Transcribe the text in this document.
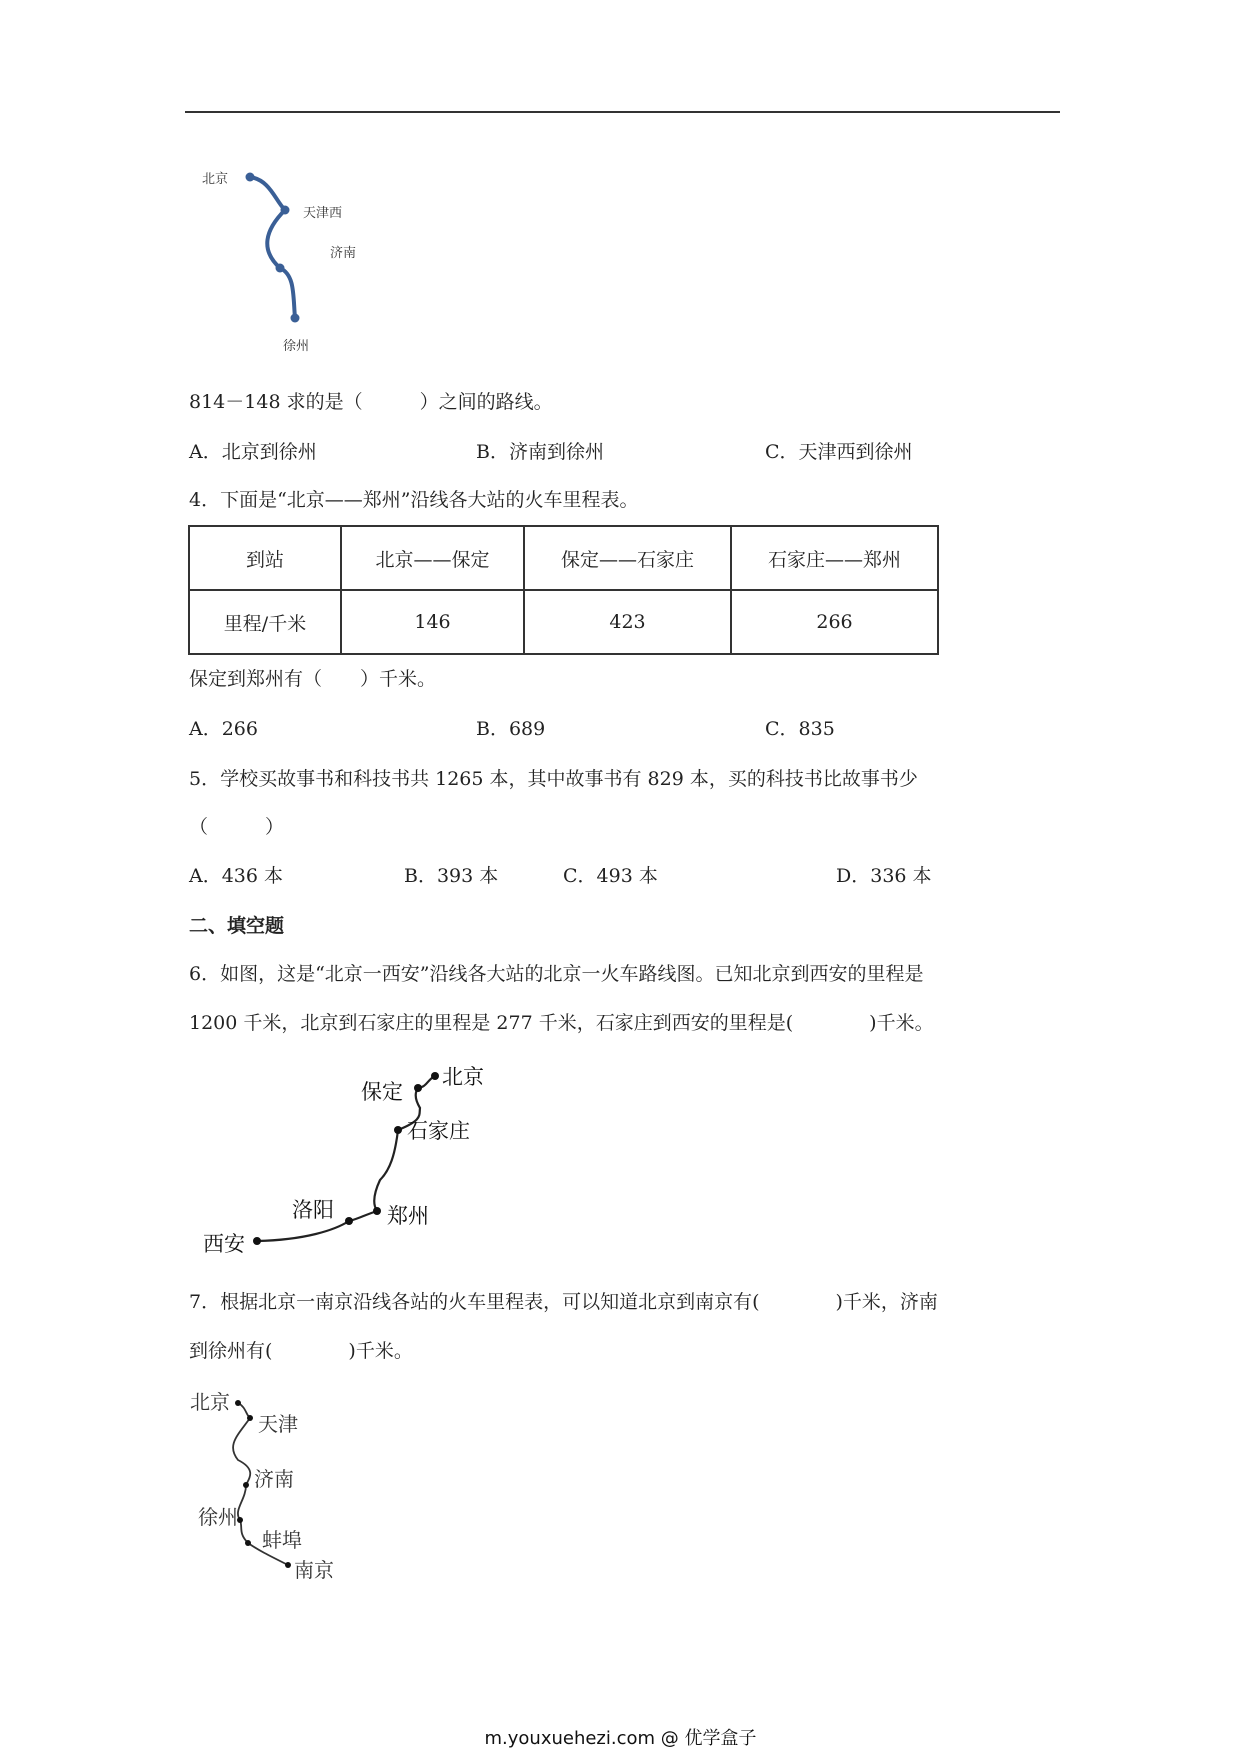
北京
天津西
济南
徐州
814－148 求的是（　　　）之间的路线。
A．北京到徐州	B．济南到徐州	C．天津西到徐州
4．下面是“北京——郑州”沿线各大站的火车里程表。
到站	北京——保定	保定——石家庄	石家庄——郑州
里程/千米	146	423	266
保定到郑州有（　　）千米。
A．266	B．689	C．835
5．学校买故事书和科技书共 1265 本，其中故事书有 829 本，买的科技书比故事书少
（　　　）
A．436 本	B．393 本	C．493 本	D．336 本
二、填空题
6．如图，这是“北京一西安”沿线各大站的北京一火车路线图。已知北京到西安的里程是
1200 千米，北京到石家庄的里程是 277 千米，石家庄到西安的里程是(　　　　)千米。
北京
保定
石家庄
郑州
洛阳
西安
7．根据北京一南京沿线各站的火车里程表，可以知道北京到南京有(　　　　)千米，济南
到徐州有(　　　　)千米。
北京
天津
济南
徐州
蚌埠
南京
m.youxuehezi.com @ 优学盒子
